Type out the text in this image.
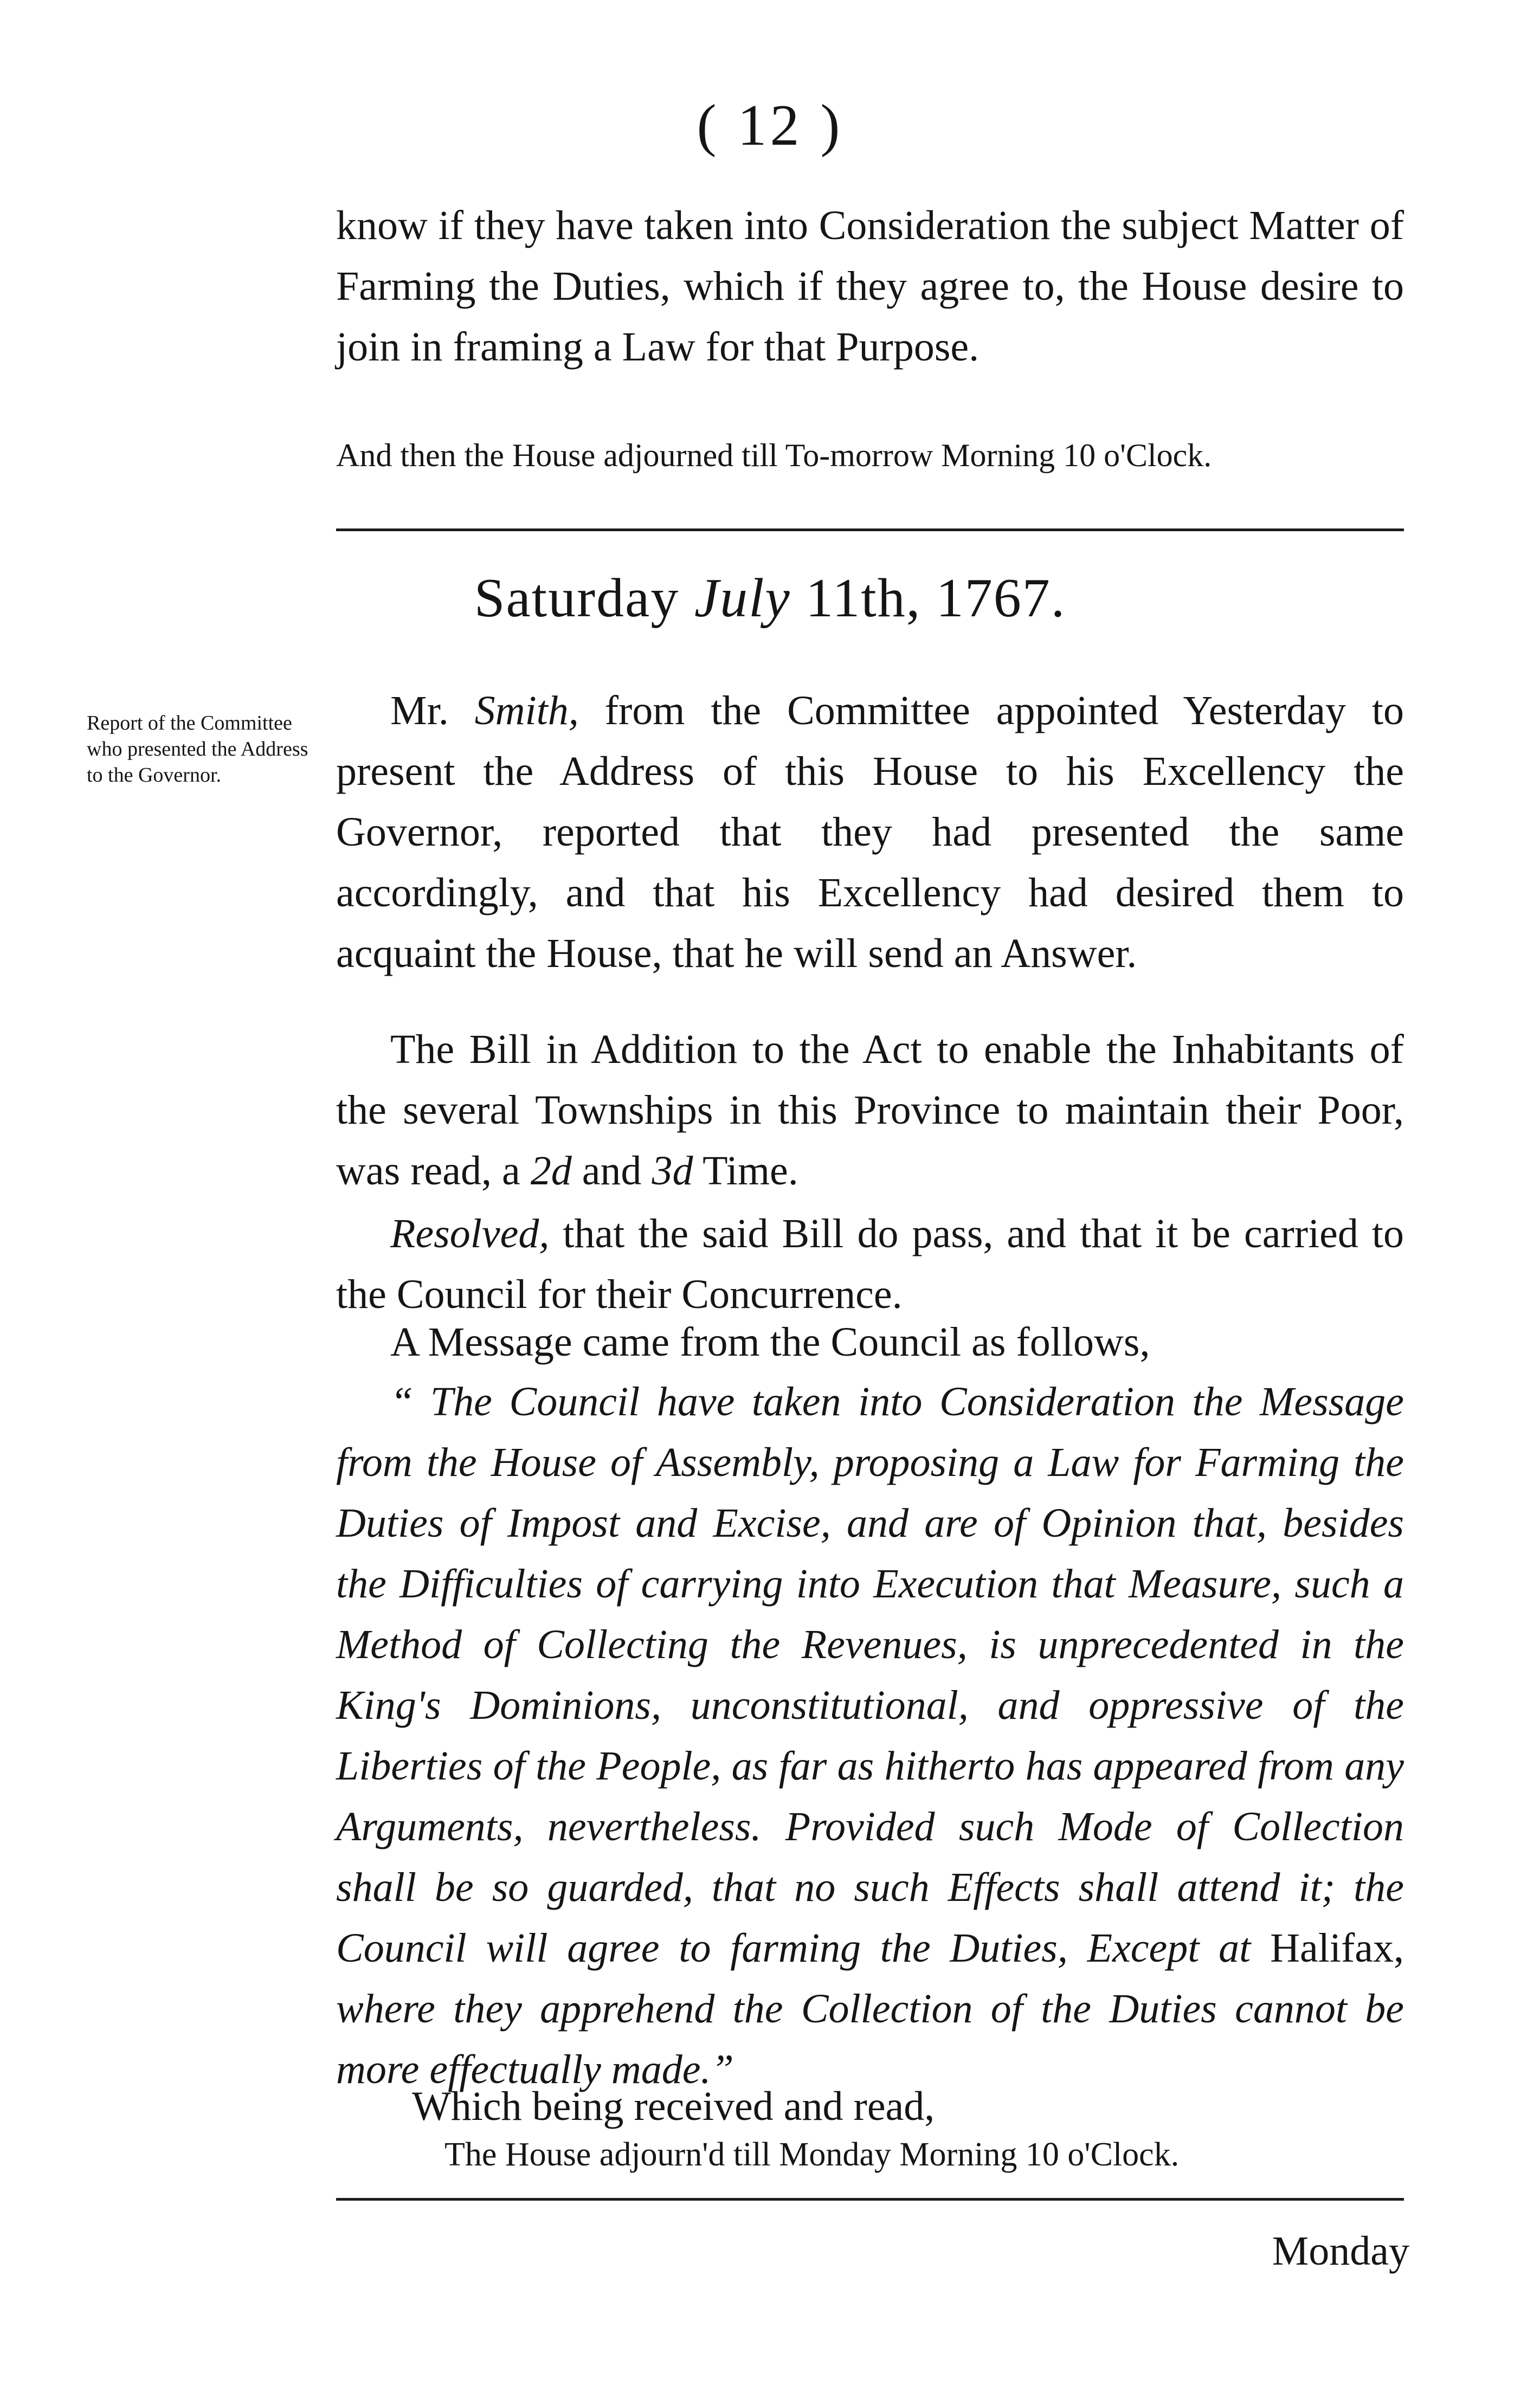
( 12 )

know if they have taken into Consideration the subject Matter of Farming the Duties, which if they agree to, the House desire to join in framing a Law for that Purpose.

And then the House adjourned till To-morrow Morning 10 o'Clock.

Saturday July 11th, 1767.
Report of the Committee who presented the Address to the Governor.

Mr. Smith, from the Committee appointed Yesterday to present the Address of this House to his Excellency the Governor, reported that they had presented the same accordingly, and that his Excellency had desired them to acquaint the House, that he will send an Answer.

The Bill in Addition to the Act to enable the Inhabitants of the several Townships in this Province to maintain their Poor, was read, a 2d and 3d Time.

Resolved, that the said Bill do pass, and that it be carried to the Council for their Concurrence.

A Message came from the Council as follows,

“ The Council have taken into Consideration the Message from the House of Assembly, proposing a Law for Farming the Duties of Impost and Excise, and are of Opinion that, besides the Difficulties of carrying into Execution that Measure, such a Method of Collecting the Revenues, is unprecedented in the King's Dominions, unconstitutional, and oppressive of the Liberties of the People, as far as hitherto has appeared from any Arguments, nevertheless. Provided such Mode of Collection shall be so guarded, that no such Effects shall attend it; the Council will agree to farming the Duties, Except at Halifax, where they apprehend the Collection of the Duties cannot be more effectually made.”

Which being received and read,

The House adjourn'd till Monday Morning 10 o'Clock.

Monday
